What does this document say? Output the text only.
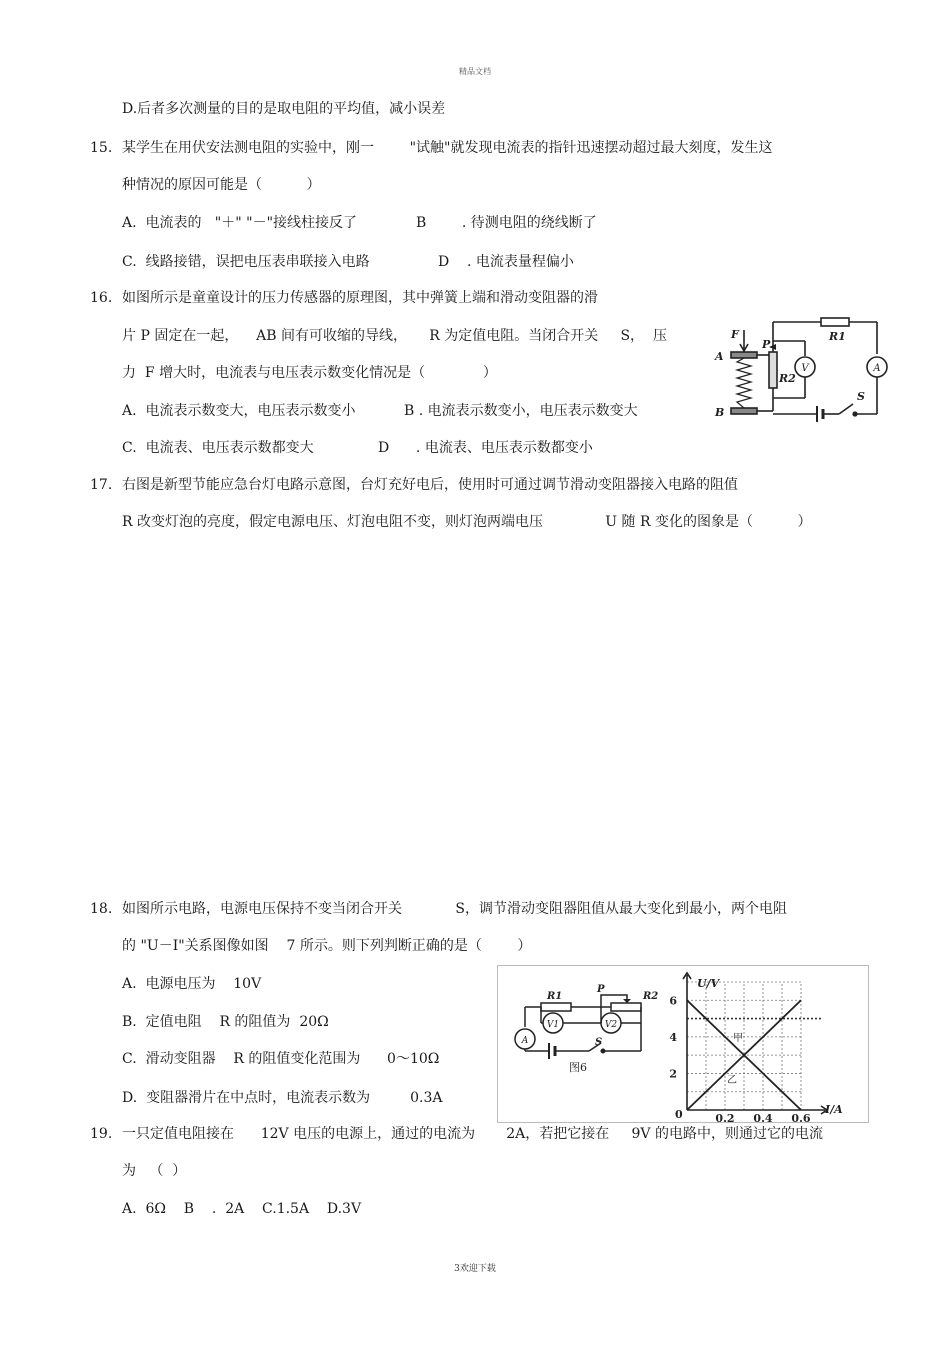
精品文档
D.后者多次测量的目的是取电阻的平均值，减小误差
15. 某学生在用伏安法测电阻的实验中，刚一        "试触"就发现电流表的指针迅速摆动超过最大刻度，发生这
种情况的原因可能是（          ）
A.  电流表的   "＋" "－"接线柱接反了	B        . 待测电阻的绕线断了
C.  线路接错，误把电压表串联接入电路	D    . 电流表量程偏小
16. 如图所示是童童设计的压力传感器的原理图，其中弹簧上端和滑动变阻器的滑
片 P 固定在一起，    AB 间有可收缩的导线，     R 为定值电阻。当闭合开关     S，  压
力  F 增大时，电流表与电压表示数变化情况是（             ）
A.  电流表示数变大，电压表示数变小	B . 电流表示数变小，电压表示数变大
C.  电流表、电压表示数都变大	D      . 电流表、电压表示数都变小
F
A
B
P
R1
R2
S
V	A
17. 右图是新型节能应急台灯电路示意图，台灯充好电后，使用时可通过调节滑动变阻器接入电路的阻值
R 改变灯泡的亮度，假定电源电压、灯泡电阻不变，则灯泡两端电压              U 随 R 变化的图象是（          ）
18. 如图所示电路，电源电压保持不变当闭合开关            S，调节滑动变阻器阻值从最大变化到最小，两个电阻
的 "U－I"关系图像如图    7 所示。则下列判断正确的是（        ）
A.  电源电压为    10V
B.  定值电阻    R 的阻值为  20Ω
C.  滑动变阻器    R 的阻值变化范围为      0～10Ω
D.  变阻器滑片在中点时，电流表示数为         0.3A
R1	R2
P
S
V1	V2
A
图6
0.2 0.4 0.6
2
4
6
U/V
I/A
0
甲
乙
19. 一只定值电阻接在      12V 电压的电源上，通过的电流为       2A，若把它接在     9V 的电路中，则通过它的电流
为   （  ）
A.  6Ω    B    .  2A    C.1.5A    D.3V
3欢迎下载
